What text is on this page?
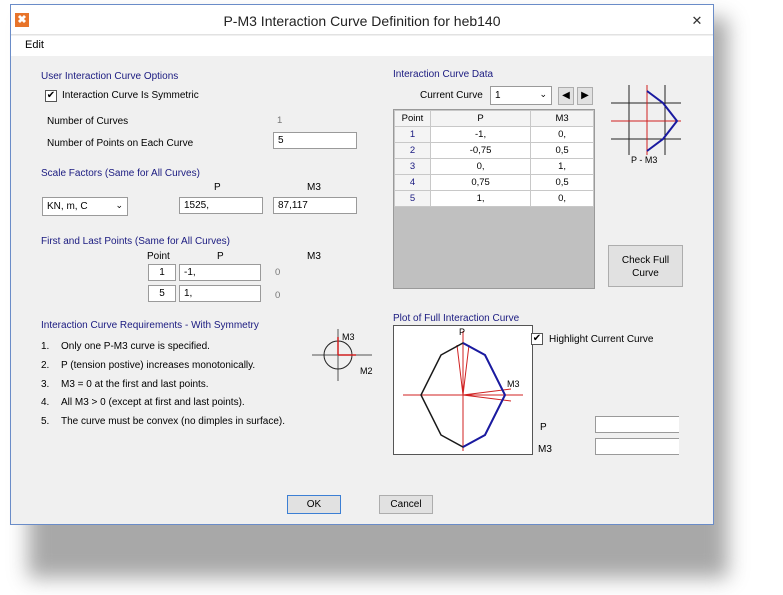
✖	P-M3 Interaction Curve Definition for heb140	✕
Edit
User Interaction Curve Options
✔ Interaction Curve Is Symmetric
Number of Curves	1
Number of Points on Each Curve	5
Scale Factors (Same for All Curves)
P	M3
KN, m, C	⌄	1525,	87,117
First and Last Points (Same for All Curves)
Point	P	M3
1	-1,	0
5	1,	0
Interaction Curve Requirements - With Symmetry
1. Only one P-M3 curve is specified.
2. P (tension postive) increases monotonically.
3. M3 = 0 at the first and last points.
4. All M3 > 0 (except at first and last points).
5. The curve must be convex (no dimples in surface).
M3
M2
Interaction Curve Data
Current Curve	1	⌄	◀	▶
P - M3
Point	P	M3
1	-1,	0,
2	-0,75	0,5
3	0,	1,
4	0,75	0,5
5	1,	0,
Check Full
Curve
Plot of Full Interaction Curve
P
M3
✔ Highlight Current Curve
P
M3
OK	Cancel
